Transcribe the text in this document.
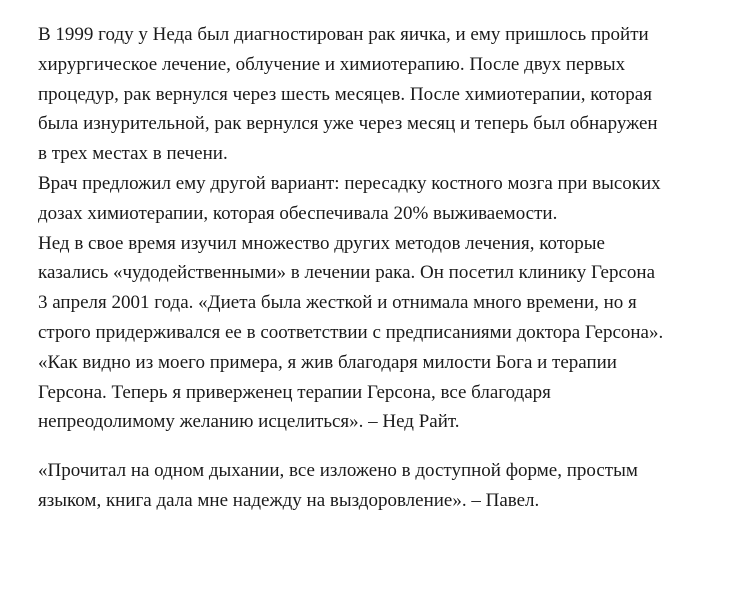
В 1999 году у Неда был диагностирован рак яичка, и ему пришлось пройти
хирургическое лечение, облучение и химиотерапию. После двух первых
процедур, рак вернулся через шесть месяцев. После химиотерапии, которая
была изнурительной, рак вернулся уже через месяц и теперь был обнаружен
в трех местах в печени.

Врач предложил ему другой вариант: пересадку костного мозга при высоких
дозах химиотерапии, которая обеспечивала 20% выживаемости.

Нед в свое время изучил множество других методов лечения, которые
казались «чудодейственными» в лечении рака. Он посетил клинику Герсона
3 апреля 2001 года. «Диета была жесткой и отнимала много времени, но я
строго придерживался ее в соответствии с предписаниями доктора Герсона».

«Как видно из моего примера, я жив благодаря милости Бога и терапии
Герсона. Теперь я приверженец терапии Герсона, все благодаря
непреодолимому желанию исцелиться». – Нед Райт.

«Прочитал на одном дыхании, все изложено в доступной форме, простым
языком, книга дала мне надежду на выздоровление». – Павел.
